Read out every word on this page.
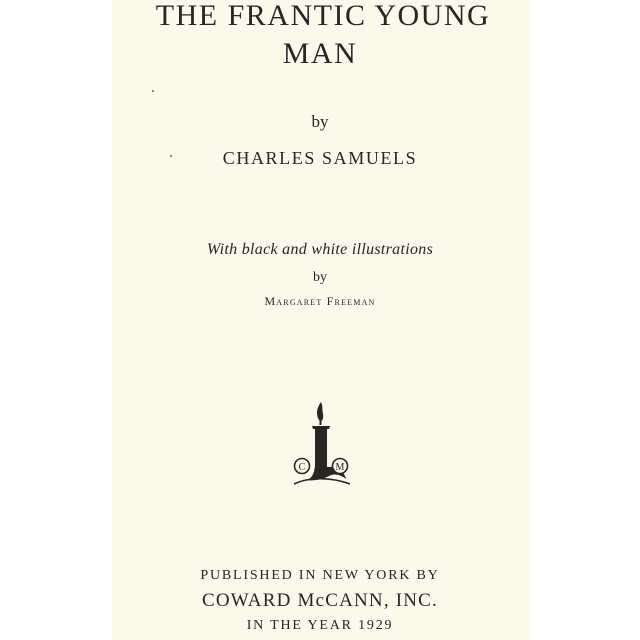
THE FRANTIC YOUNG
MAN
by
CHARLES SAMUELS
With black and white illustrations
by
Margaret Freeman
C	M
PUBLISHED IN NEW YORK BY
COWARD McCANN, INC.
IN THE YEAR 1929
